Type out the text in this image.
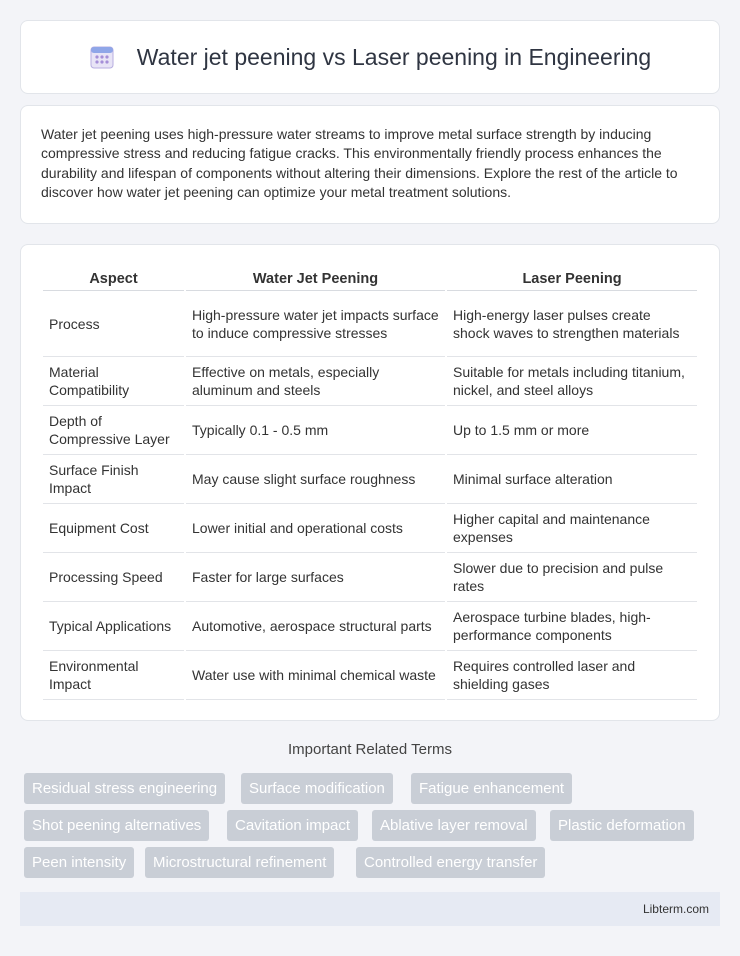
Water jet peening vs Laser peening in Engineering

Water jet peening uses high-pressure water streams to improve metal surface strength by inducing compressive stress and reducing fatigue cracks. This environmentally friendly process enhances the durability and lifespan of components without altering their dimensions. Explore the rest of the article to discover how water jet peening can optimize your metal treatment solutions.

Aspect	Water Jet Peening	Laser Peening
Process	High-pressure water jet impacts surface to induce compressive stresses	High-energy laser pulses create shock waves to strengthen materials
Material Compatibility	Effective on metals, especially aluminum and steels	Suitable for metals including titanium, nickel, and steel alloys
Depth of Compressive Layer	Typically 0.1 - 0.5 mm	Up to 1.5 mm or more
Surface Finish Impact	May cause slight surface roughness	Minimal surface alteration
Equipment Cost	Lower initial and operational costs	Higher capital and maintenance expenses
Processing Speed	Faster for large surfaces	Slower due to precision and pulse rates
Typical Applications	Automotive, aerospace structural parts	Aerospace turbine blades, high-performance components
Environmental Impact	Water use with minimal chemical waste	Requires controlled laser and shielding gases
Important Related Terms
Residual stress engineering	Surface modification	Fatigue enhancement
Shot peening alternatives	Cavitation impact	Ablative layer removal	Plastic deformation
Peen intensity	Microstructural refinement	Controlled energy transfer
Libterm.com
